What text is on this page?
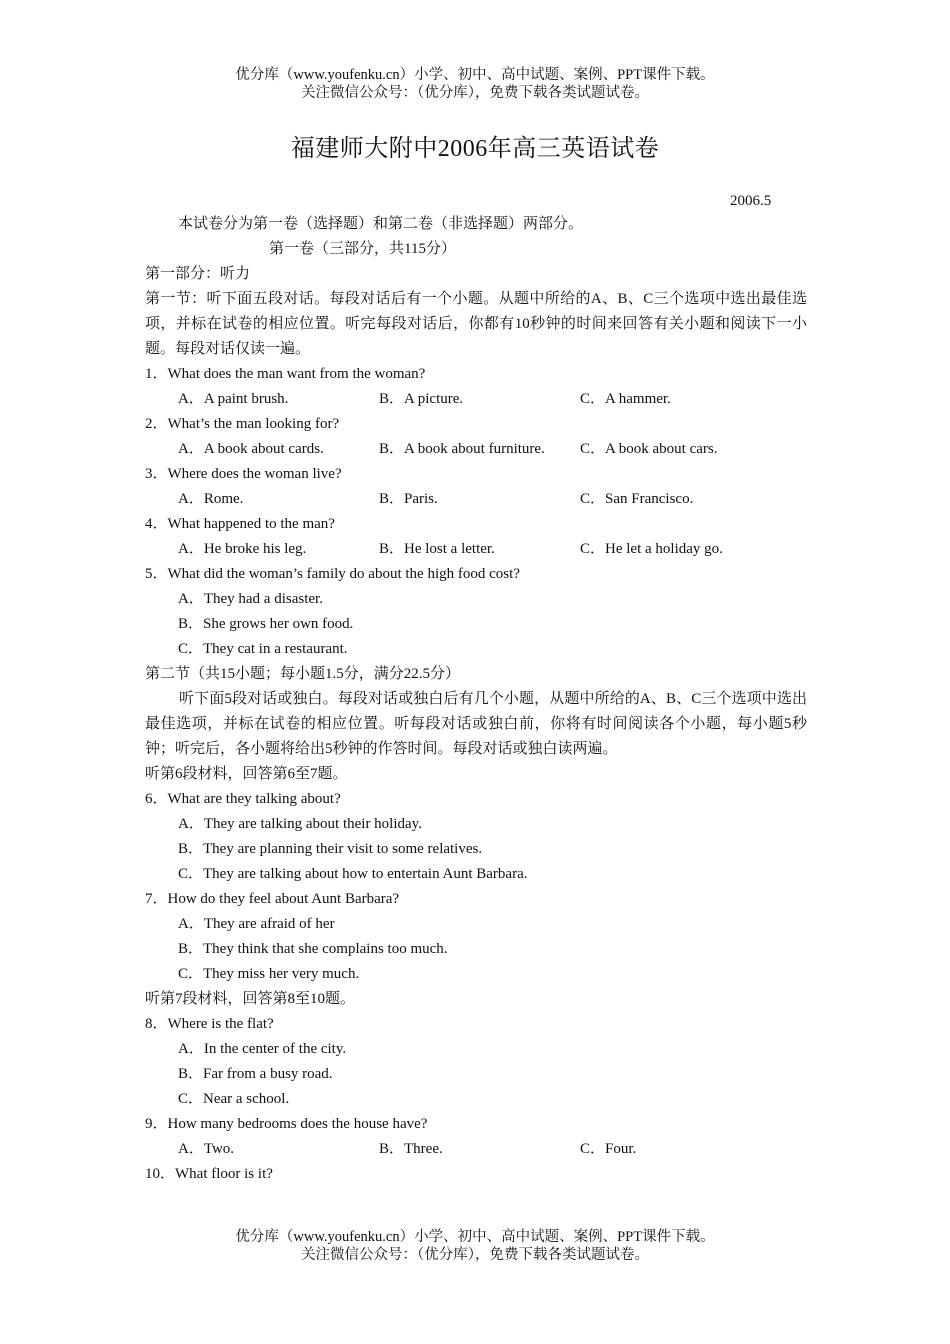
优分库（www.youfenku.cn）小学、初中、高中试题、案例、PPT课件下载。
关注微信公众号：（优分库），免费下载各类试题试卷。
福建师大附中2006年高三英语试卷
2006.5
本试卷分为第一卷（选择题）和第二卷（非选择题）两部分。
第一卷（三部分，共115分）
第一部分：听力
第一节：听下面五段对话。每段对话后有一个小题。从题中所给的A、B、C三个选项中选出最佳选项，并标在试卷的相应位置。听完每段对话后，你都有10秒钟的时间来回答有关小题和阅读下一小题。每段对话仅读一遍。
1．What does the man want from the woman?
A．A paint brush.	B．A picture.	C．A hammer.
2．What’s the man looking for?
A．A book about cards.	B．A book about furniture. C．A book about cars.
3．Where does the woman live?
A．Rome.	B．Paris.	C．San Francisco.
4．What happened to the man?
A．He broke his leg.	B．He lost a letter.	C．He let a holiday go.
5．What did the woman’s family do about the high food cost?
A．They had a disaster.
B．She grows her own food.
C．They cat in a restaurant.
第二节（共15小题；每小题1.5分，满分22.5分）
听下面5段对话或独白。每段对话或独白后有几个小题，从题中所给的A、B、C三个选项中选出最佳选项，并标在试卷的相应位置。听每段对话或独白前，你将有时间阅读各个小题，每小题5秒钟；听完后，各小题将给出5秒钟的作答时间。每段对话或独白读两遍。
听第6段材料，回答第6至7题。
6．What are they talking about?
A．They are talking about their holiday.
B．They are planning their visit to some relatives.
C．They are talking about how to entertain Aunt Barbara.
7．How do they feel about Aunt Barbara?
A．They are afraid of her
B．They think that she complains too much.
C．They miss her very much.
听第7段材料，回答第8至10题。
8．Where is the flat?
A．In the center of the city.
B．Far from a busy road.
C．Near a school.
9．How many bedrooms does the house have?
A．Two.	B．Three.	C．Four.
10．What floor is it?
优分库（www.youfenku.cn）小学、初中、高中试题、案例、PPT课件下载。
关注微信公众号：（优分库），免费下载各类试题试卷。
